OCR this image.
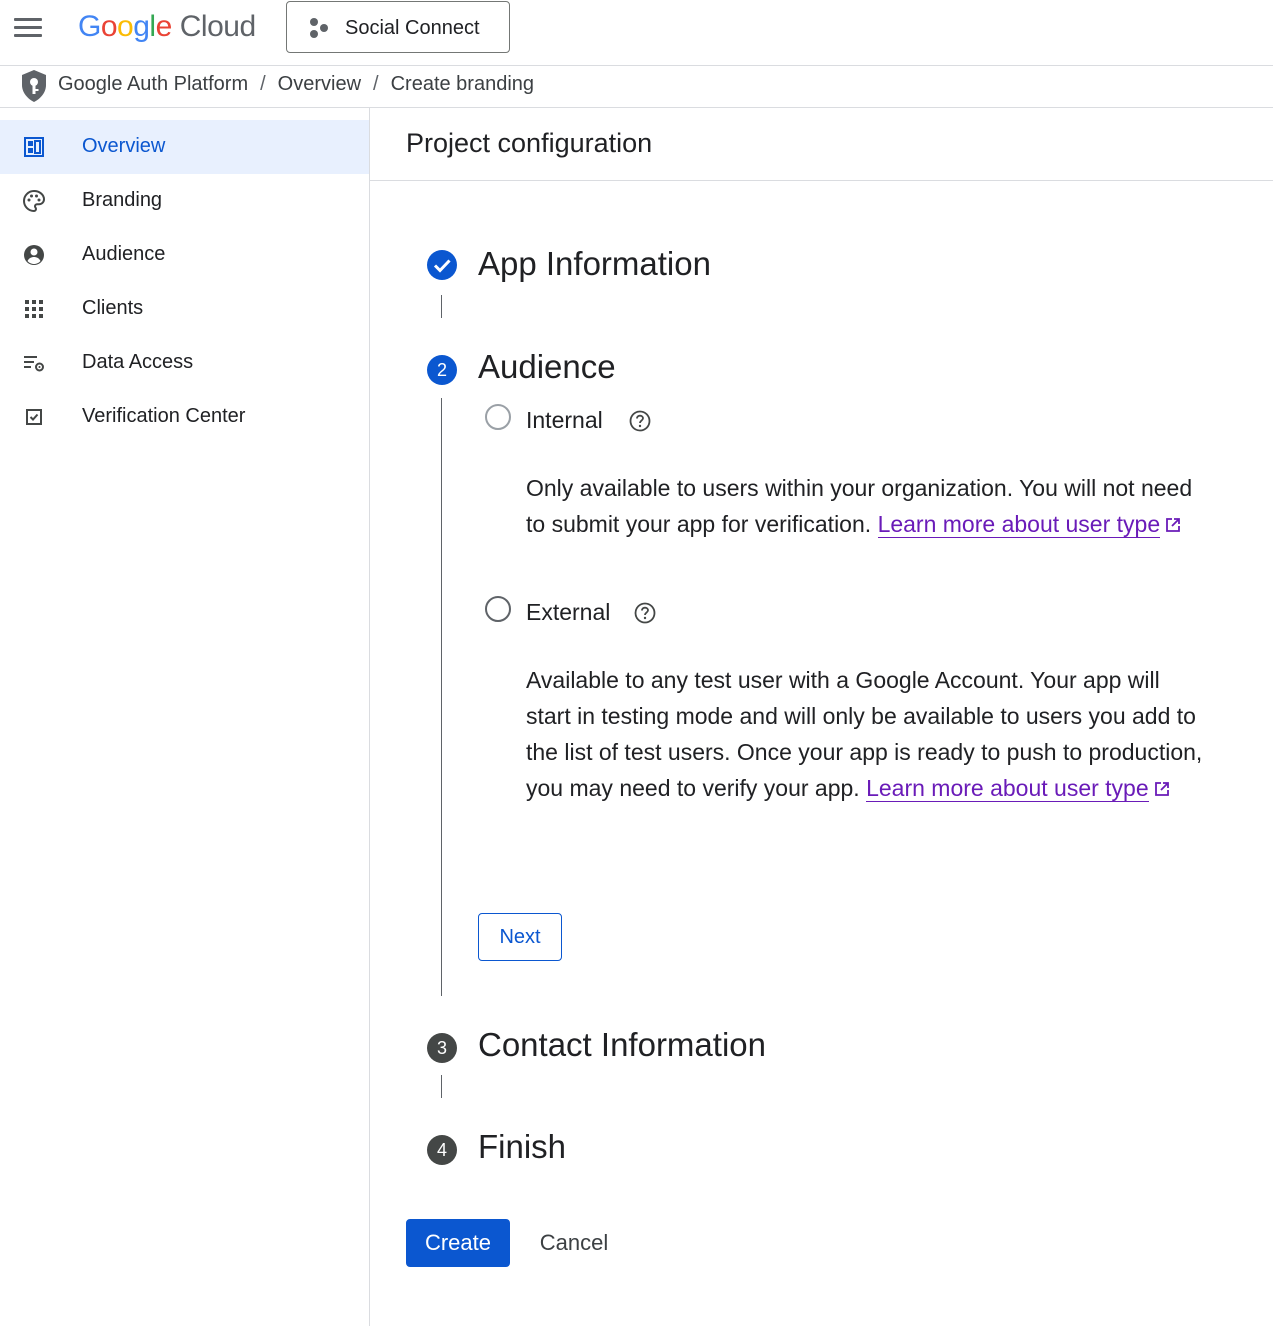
Google Cloud	Social Connect
Google Auth Platform / Overview / Create branding
Overview
Branding
Audience
Clients
Data Access
Verification Center
Project configuration
App Information
2 Audience
Internal
Only available to users within your organization. You will not need to submit your app for verification. Learn more about user type
External
Available to any test user with a Google Account. Your app will start in testing mode and will only be available to users you add to the list of test users. Once your app is ready to push to production, you may need to verify your app. Learn more about user type
Next
3 Contact Information
4 Finish
Create	Cancel
